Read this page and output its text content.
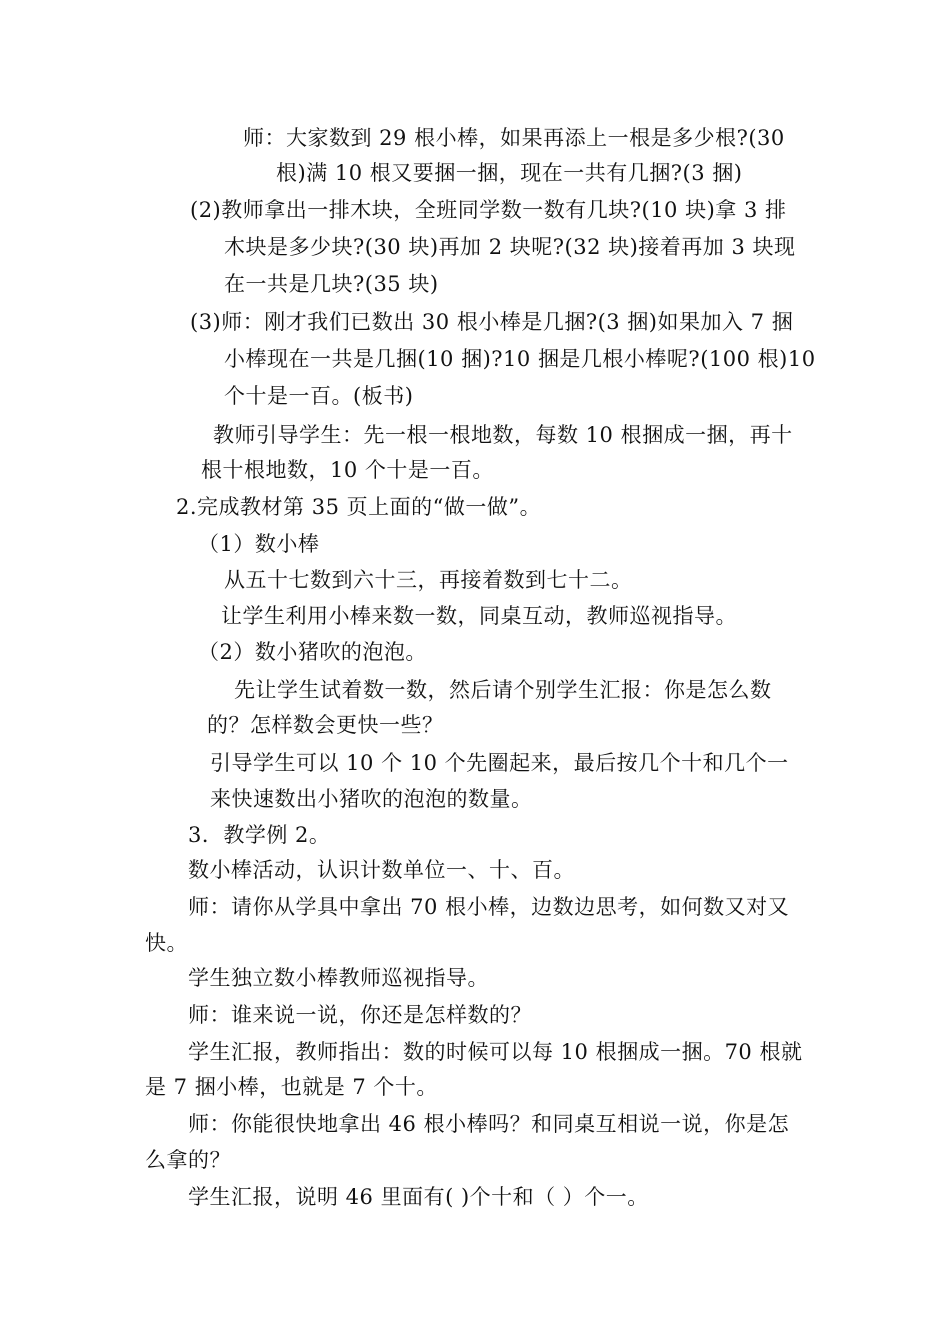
师：大家数到 29 根小棒，如果再添上一根是多少根?(30
根)满 10 根又要捆一捆，现在一共有几捆?(3 捆)
(2)教师拿出一排木块，全班同学数一数有几块?(10 块)拿 3 排
木块是多少块?(30 块)再加 2 块呢?(32 块)接着再加 3 块现
在一共是几块?(35 块)
(3)师：刚才我们已数出 30 根小棒是几捆?(3 捆)如果加入 7 捆
小棒现在一共是几捆(10 捆)?10 捆是几根小棒呢?(100 根)10
个十是一百。(板书)
教师引导学生：先一根一根地数，每数 10 根捆成一捆，再十
根十根地数，10 个十是一百。
2.完成教材第 35 页上面的“做一做”。
（1）数小棒
从五十七数到六十三，再接着数到七十二。
让学生利用小棒来数一数，同桌互动，教师巡视指导。
（2）数小猪吹的泡泡。
先让学生试着数一数，然后请个别学生汇报：你是怎么数
的？怎样数会更快一些？
引导学生可以 10 个 10 个先圈起来，最后按几个十和几个一
来快速数出小猪吹的泡泡的数量。
3．教学例 2。
数小棒活动，认识计数单位一、十、百。
师：请你从学具中拿出 70 根小棒，边数边思考，如何数又对又
快。
学生独立数小棒教师巡视指导。
师：谁来说一说，你还是怎样数的？
学生汇报，教师指出：数的时候可以每 10 根捆成一捆。70 根就
是 7 捆小棒，也就是 7 个十。
师：你能很快地拿出 46 根小棒吗？和同桌互相说一说，你是怎
么拿的？
学生汇报，说明 46 里面有( )个十和（ ）个一。
